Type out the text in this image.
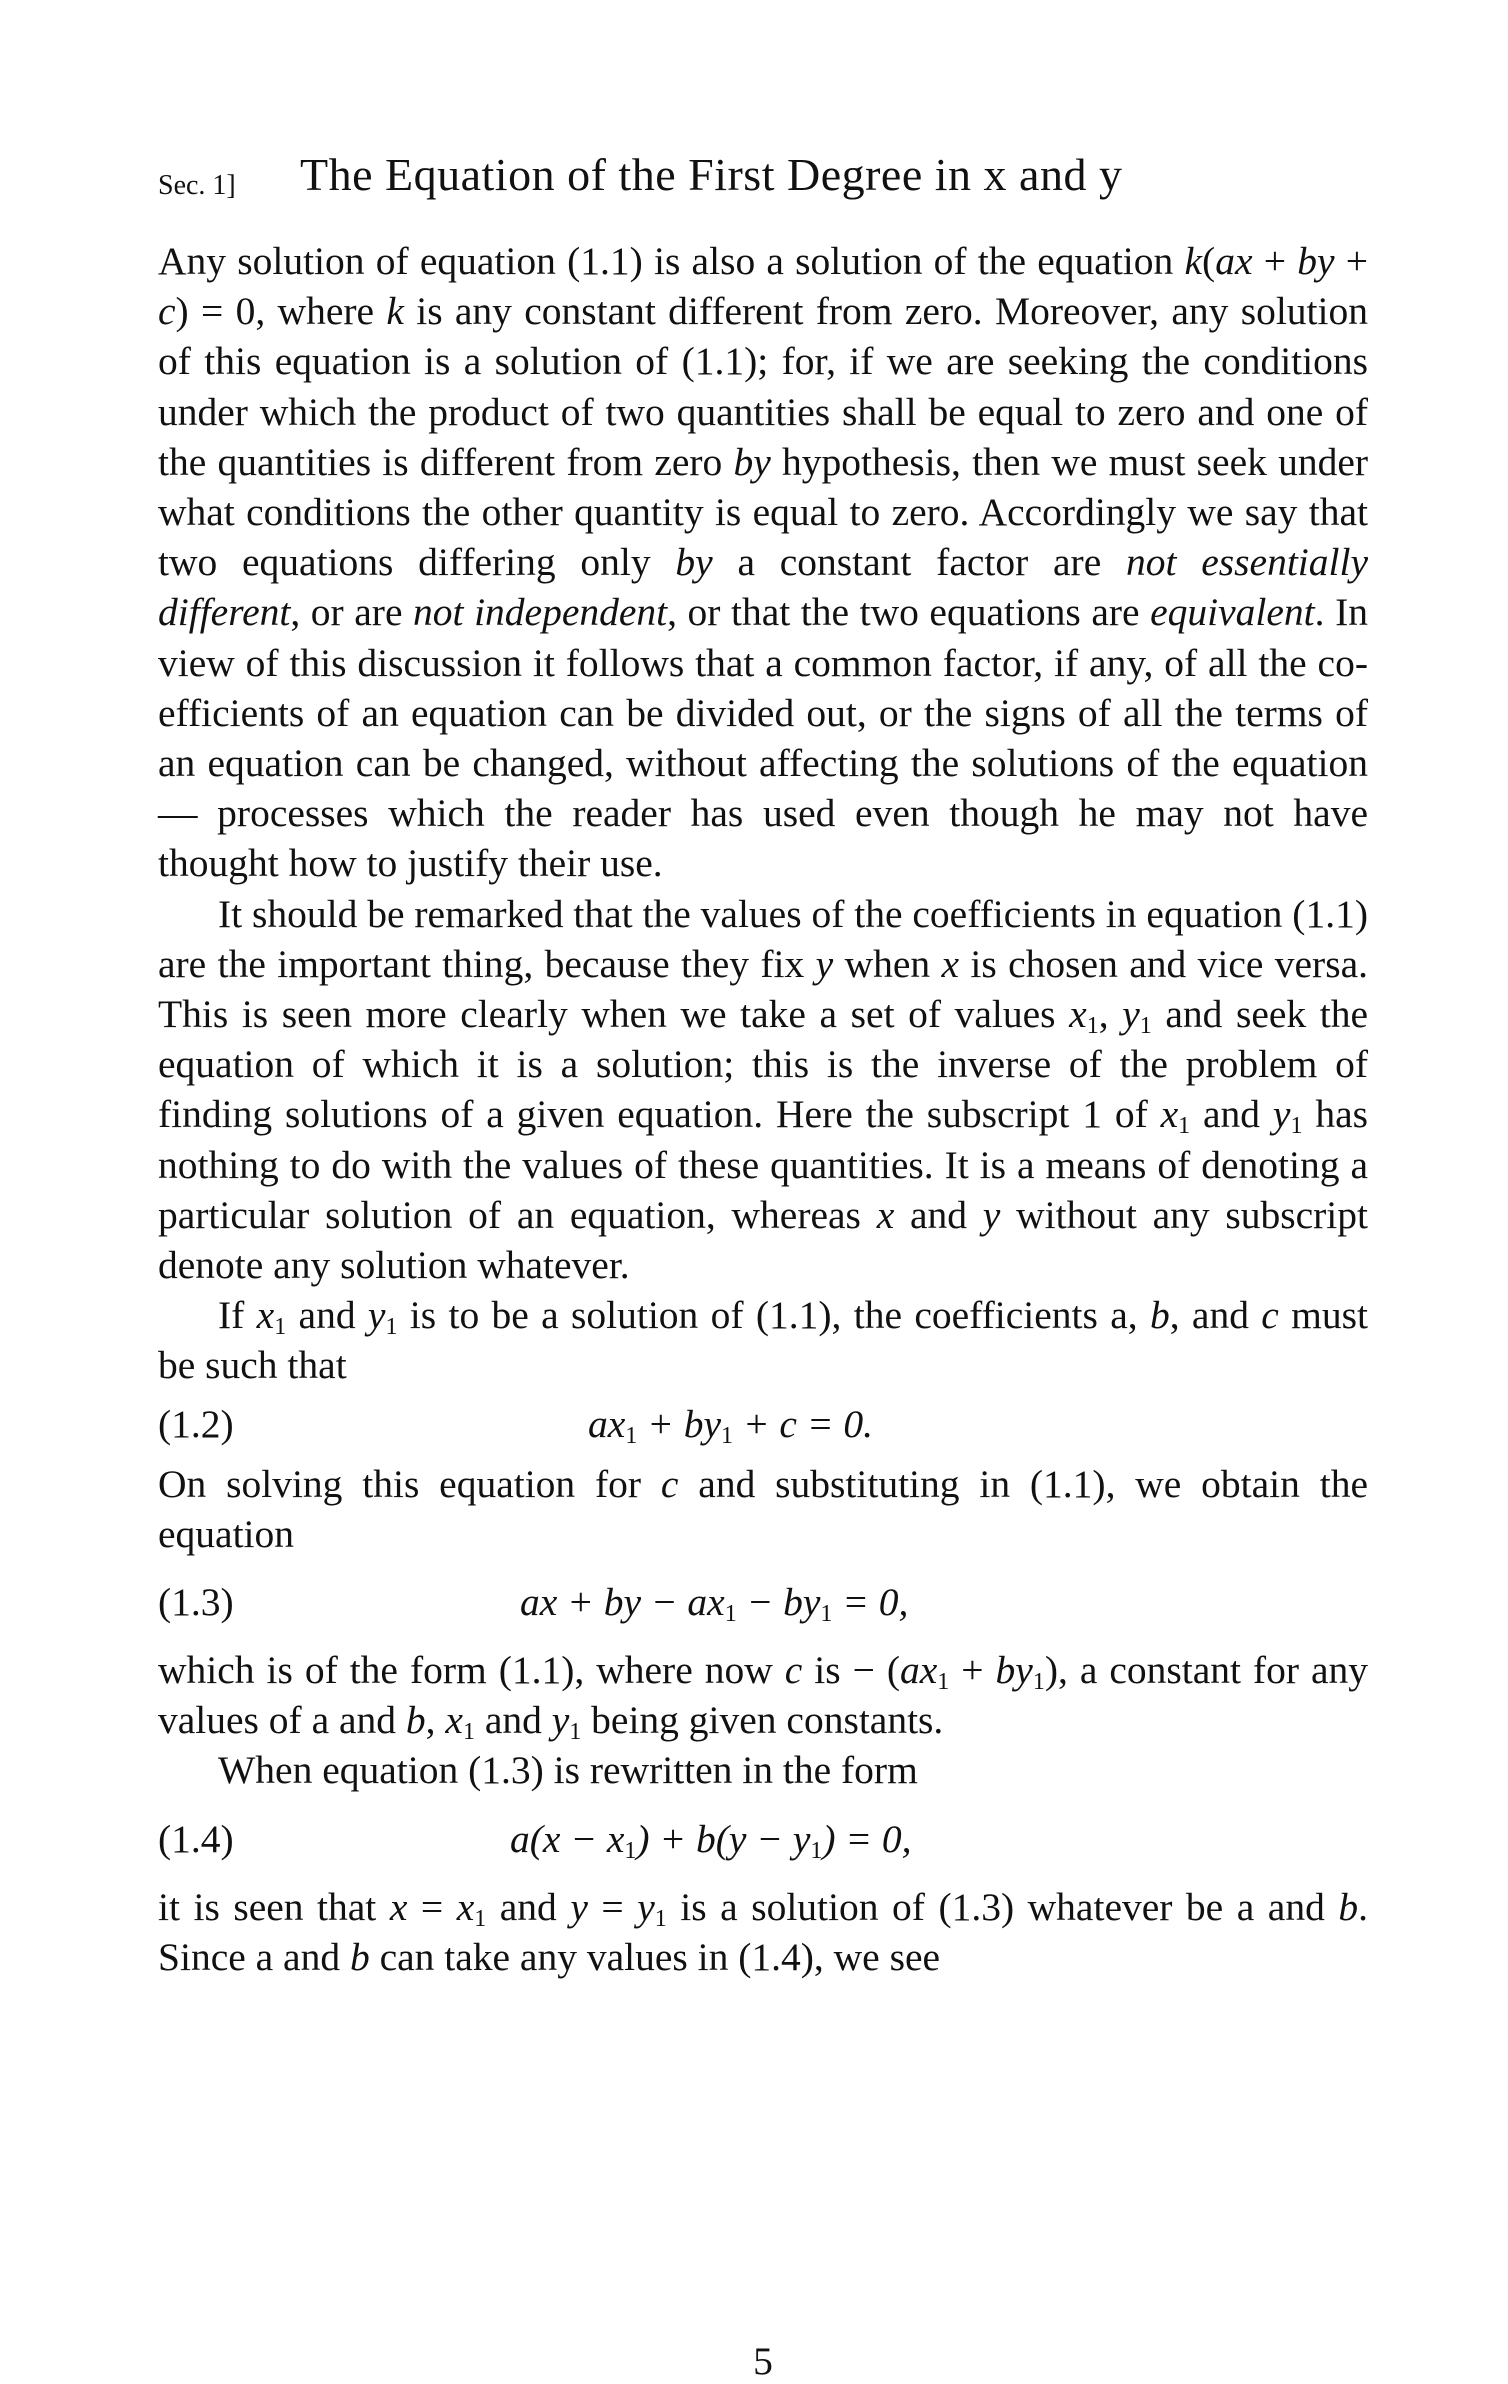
Sec. 1] The Equation of the First Degree in x and y

Any solution of equation (1.1) is also a solution of the equation k(ax + by + c) = 0, where k is any constant different from zero. Moreover, any solution of this equation is a solution of (1.1); for, if we are seeking the conditions under which the product of two quantities shall be equal to zero and one of the quantities is different from zero by hypothesis, then we must seek under what conditions the other quantity is equal to zero. Accordingly we say that two equations differing only by a constant factor are not essentially different, or are not independent, or that the two equations are equivalent. In view of this discussion it follows that a common factor, if any, of all the coefficients of an equation can be divided out, or the signs of all the terms of an equation can be changed, without affecting the solutions of the equation — processes which the reader has used even though he may not have thought how to justify their use.

It should be remarked that the values of the coefficients in equation (1.1) are the important thing, because they fix y when x is chosen and vice versa. This is seen more clearly when we take a set of values $x_1$, $y_1$ and seek the equation of which it is a solution; this is the inverse of the problem of finding solutions of a given equation. Here the subscript 1 of $x_1$ and $y_1$ has nothing to do with the values of these quantities. It is a means of denoting a particular solution of an equation, whereas x and y without any subscript denote any solution whatever.

If $x_1$ and $y_1$ is to be a solution of (1.1), the coefficients a, b, and c must be such that

(1.2)	$ax_1 + by_1 + c = 0$.

On solving this equation for c and substituting in (1.1), we obtain the equation

(1.3)	ax + by − $ax_1 - by_1 = 0$,

which is of the form (1.1), where now c is − $(ax_1 + by_1)$, a constant for any values of a and b, $x_1$ and $y_1$ being given constants.

When equation (1.3) is rewritten in the form

(1.4)	$a(x - x_1) + b(y - y_1) = 0$,

it is seen that $x = x_1$ and $y = y_1$ is a solution of (1.3) whatever be a and b. Since a and b can take any values in (1.4), we see

5
